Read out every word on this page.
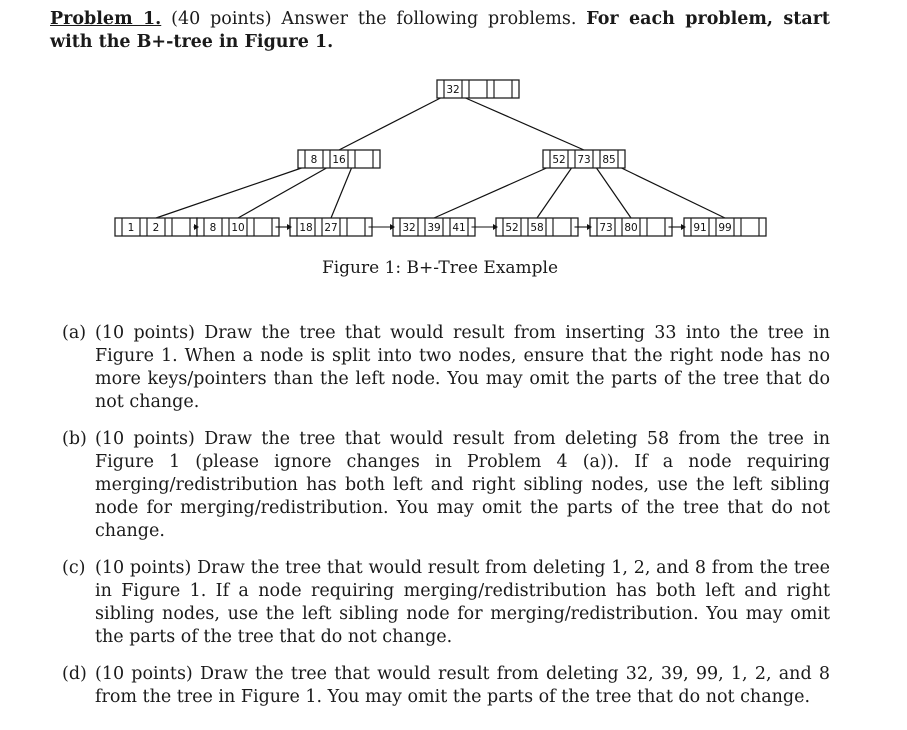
Problem 1. (40 points) Answer the following problems. For each problem, start with the B+-tree in Figure 1.
32
8 16	52 73 85
1 2	8 10	18 27	32 39 41	52 58	73 80	91 99
Figure 1: B+-Tree Example
(a) (10 points) Draw the tree that would result from inserting 33 into the tree in Figure 1. When a node is split into two nodes, ensure that the right node has no more keys/pointers than the left node. You may omit the parts of the tree that do not change.
(b) (10 points) Draw the tree that would result from deleting 58 from the tree in Figure 1 (please ignore changes in Problem 4 (a)). If a node requiring merging/redistribution has both left and right sibling nodes, use the left sibling node for merging/redistribution. You may omit the parts of the tree that do not change.
(c) (10 points) Draw the tree that would result from deleting 1, 2, and 8 from the tree in Figure 1. If a node requiring merging/redistribution has both left and right sibling nodes, use the left sibling node for merging/redistribution. You may omit the parts of the tree that do not change.
(d) (10 points) Draw the tree that would result from deleting 32, 39, 99, 1, 2, and 8 from the tree in Figure 1. You may omit the parts of the tree that do not change.
